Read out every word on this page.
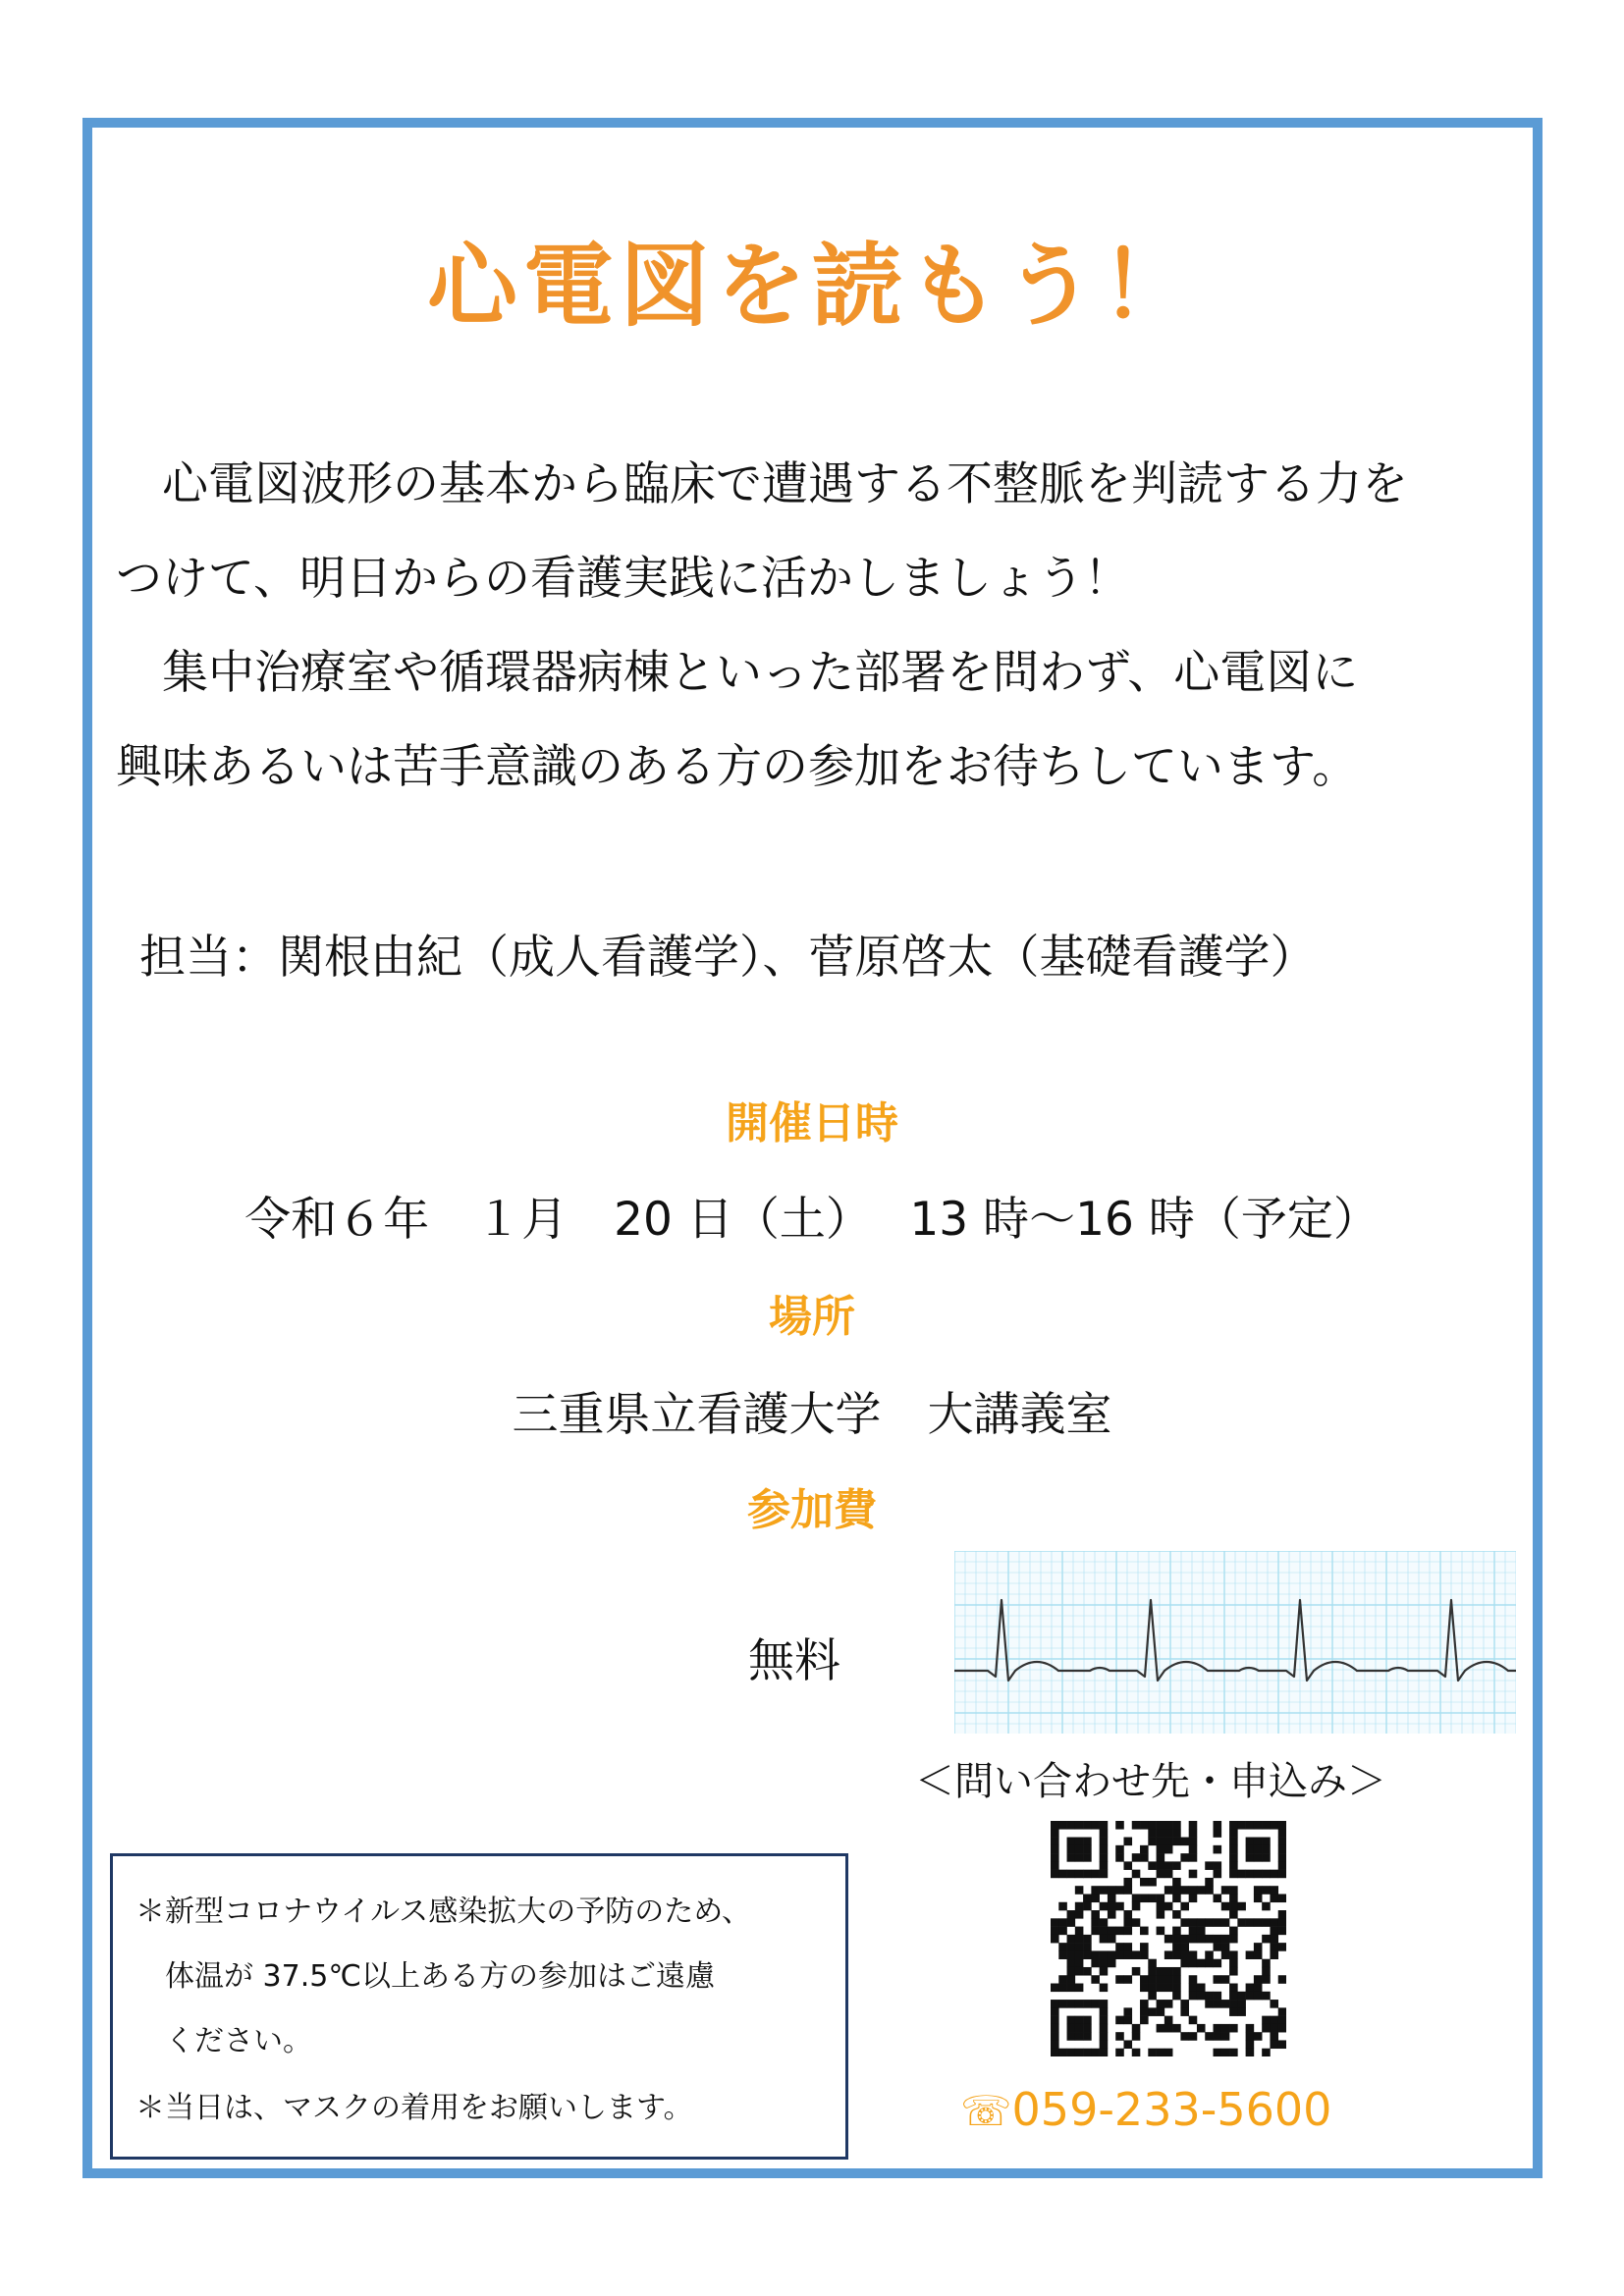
心電図を読もう！
心電図波形の基本から臨床で遭遇する不整脈を判読する力を
つけて、明日からの看護実践に活かしましょう！
集中治療室や循環器病棟といった部署を問わず、心電図に
興味あるいは苦手意識のある方の参加をお待ちしています。
担当：関根由紀（成人看護学）、菅原啓太（基礎看護学）
開催日時
令和６年　１月　20 日（土）　 13 時～16 時（予定）
場所
三重県立看護大学　大講義室
参加費
無料
＜問い合わせ先・申込み＞
☏059-233-5600
＊新型コロナウイルス感染拡大の予防のため、
体温が 37.5℃以上ある方の参加はご遠慮
ください。
＊当日は、マスクの着用をお願いします。
